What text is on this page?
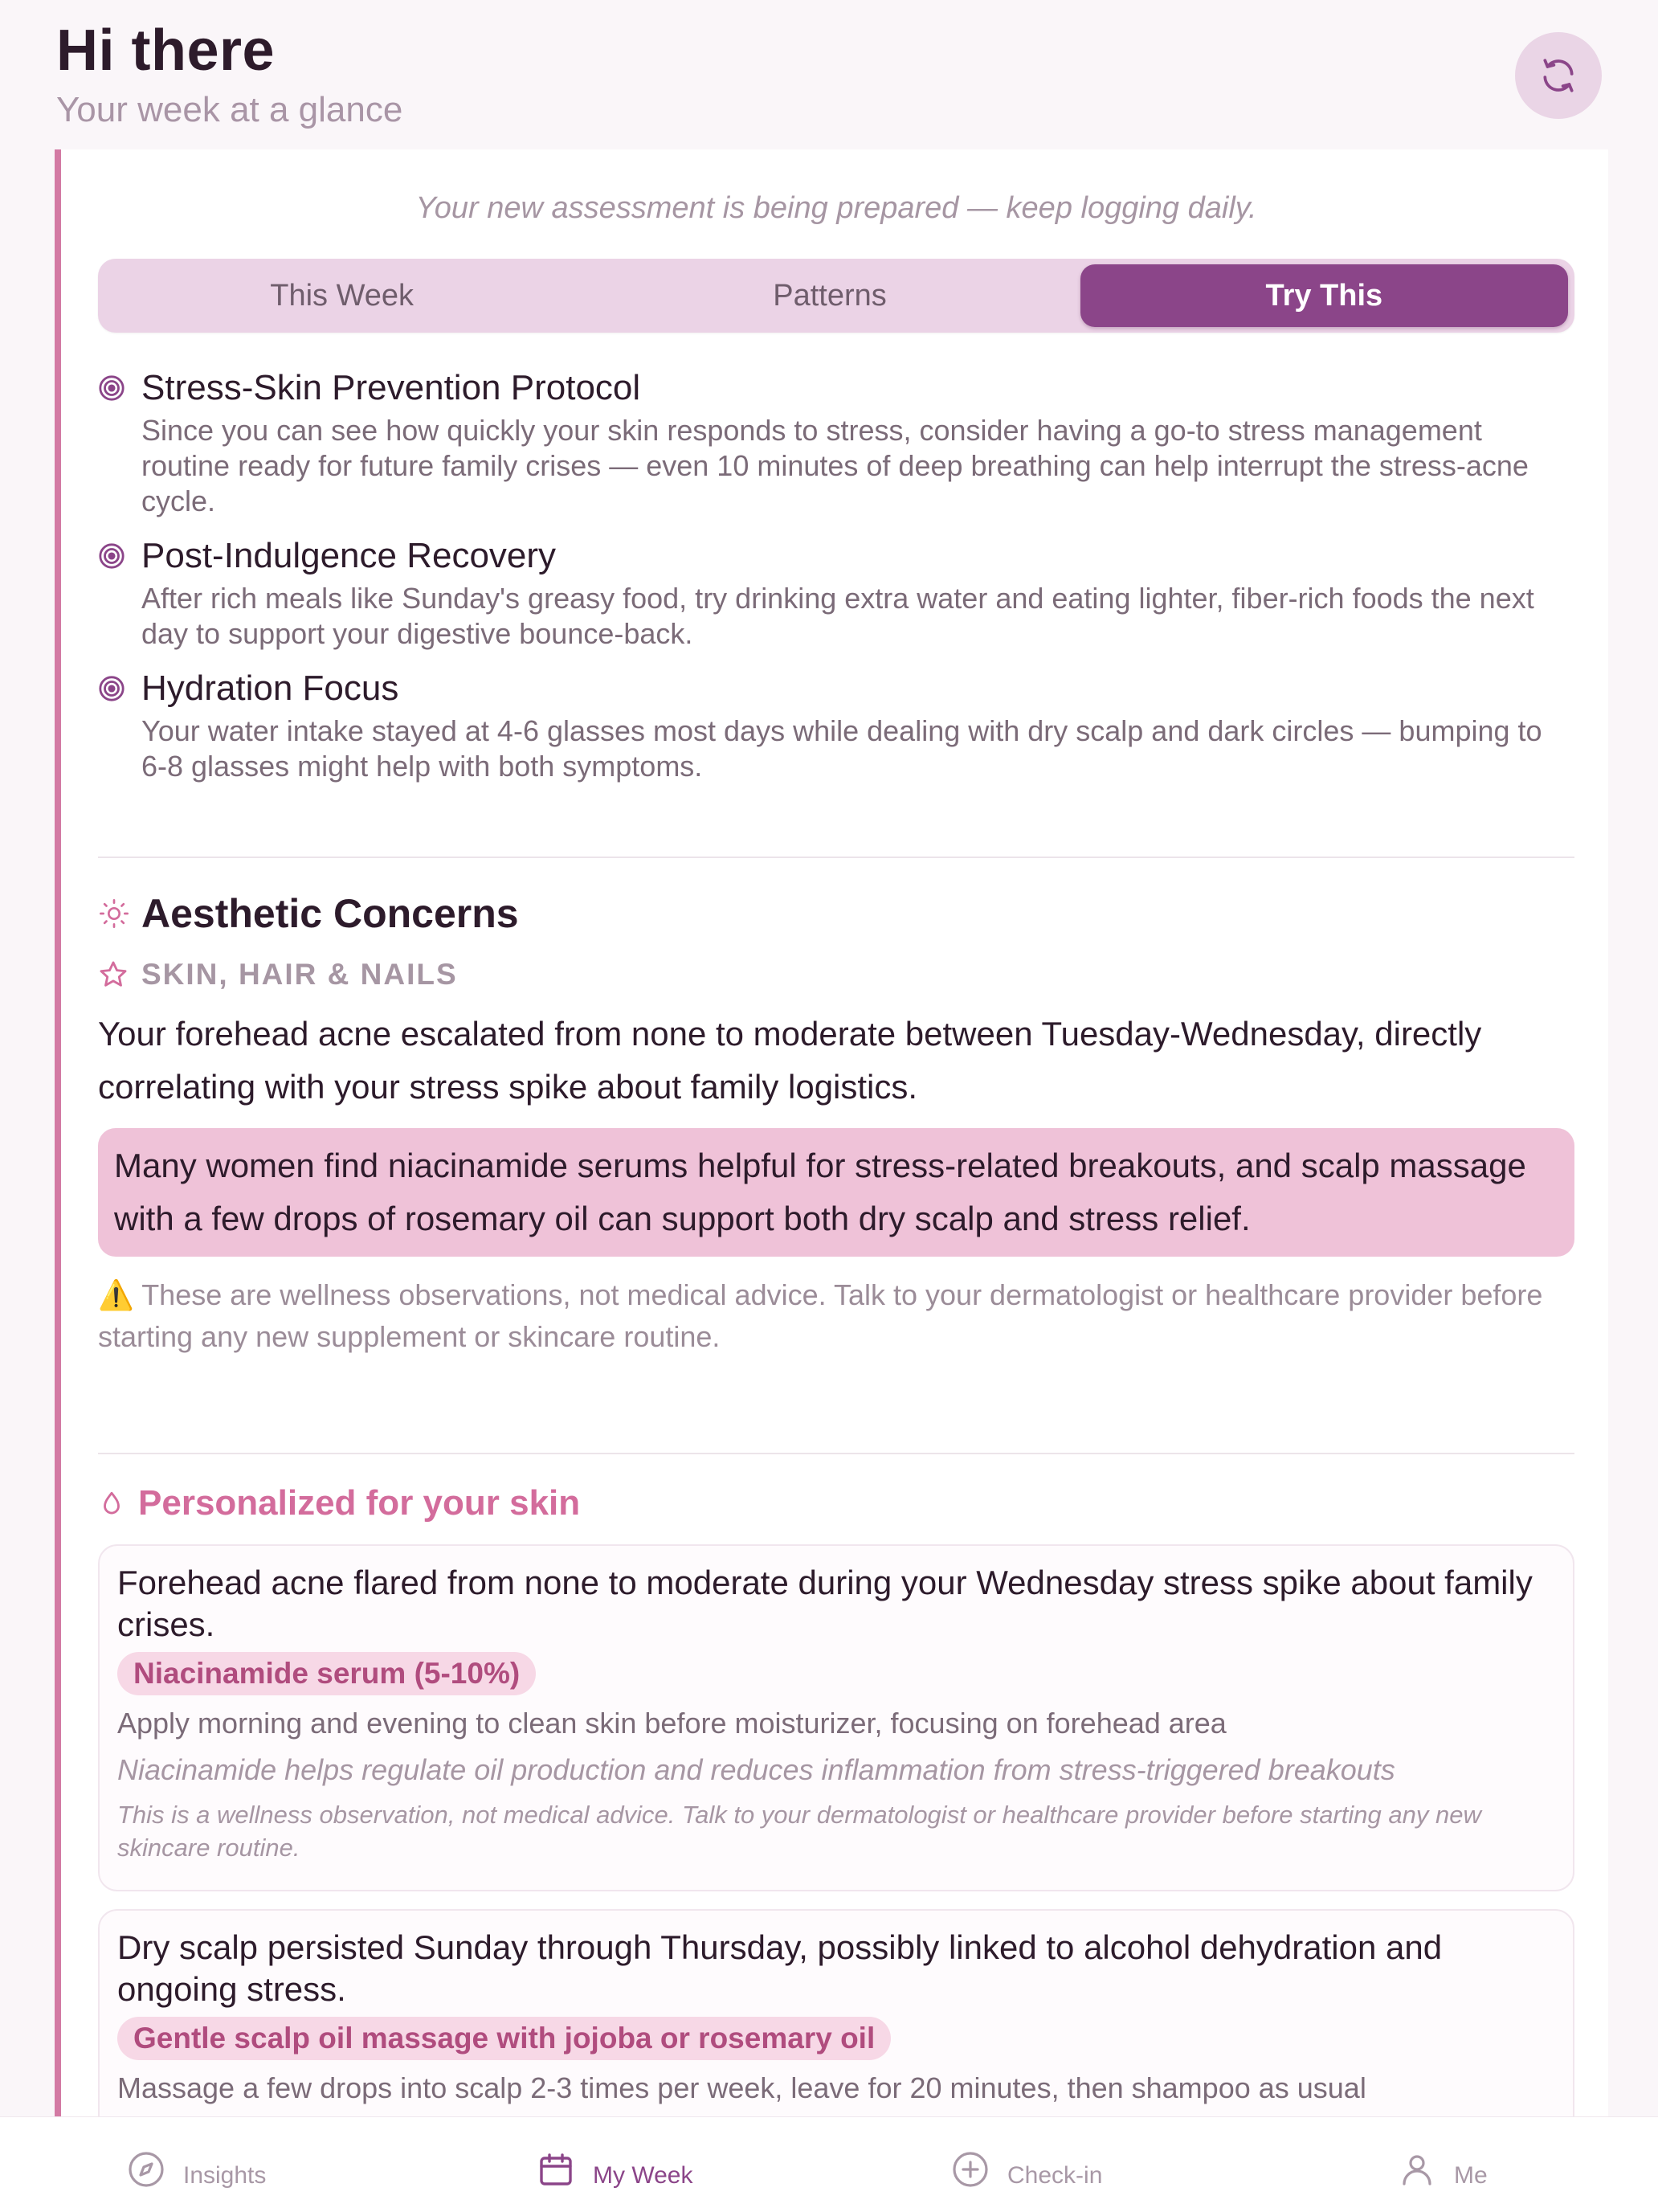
Hi there
Your week at a glance
Your new assessment is being prepared — keep logging daily.
This Week	Patterns	Try This
Stress-Skin Prevention Protocol
Since you can see how quickly your skin responds to stress, consider having a go-to stress management routine ready for future family crises — even 10 minutes of deep breathing can help interrupt the stress-acne cycle.
Post-Indulgence Recovery
After rich meals like Sunday's greasy food, try drinking extra water and eating lighter, fiber-rich foods the next day to support your digestive bounce-back.
Hydration Focus
Your water intake stayed at 4-6 glasses most days while dealing with dry scalp and dark circles — bumping to 6-8 glasses might help with both symptoms.
Aesthetic Concerns
SKIN, HAIR & NAILS
Your forehead acne escalated from none to moderate between Tuesday-Wednesday, directly correlating with your stress spike about family logistics.
Many women find niacinamide serums helpful for stress-related breakouts, and scalp massage with a few drops of rosemary oil can support both dry scalp and stress relief.
⚠️ These are wellness observations, not medical advice. Talk to your dermatologist or healthcare provider before starting any new supplement or skincare routine.
Personalized for your skin
Forehead acne flared from none to moderate during your Wednesday stress spike about family crises.
Niacinamide serum (5-10%)
Apply morning and evening to clean skin before moisturizer, focusing on forehead area
Niacinamide helps regulate oil production and reduces inflammation from stress-triggered breakouts
This is a wellness observation, not medical advice. Talk to your dermatologist or healthcare provider before starting any new skincare routine.
Dry scalp persisted Sunday through Thursday, possibly linked to alcohol dehydration and ongoing stress.
Gentle scalp oil massage with jojoba or rosemary oil
Massage a few drops into scalp 2-3 times per week, leave for 20 minutes, then shampoo as usual
Insights	My Week	Check-in	Me
